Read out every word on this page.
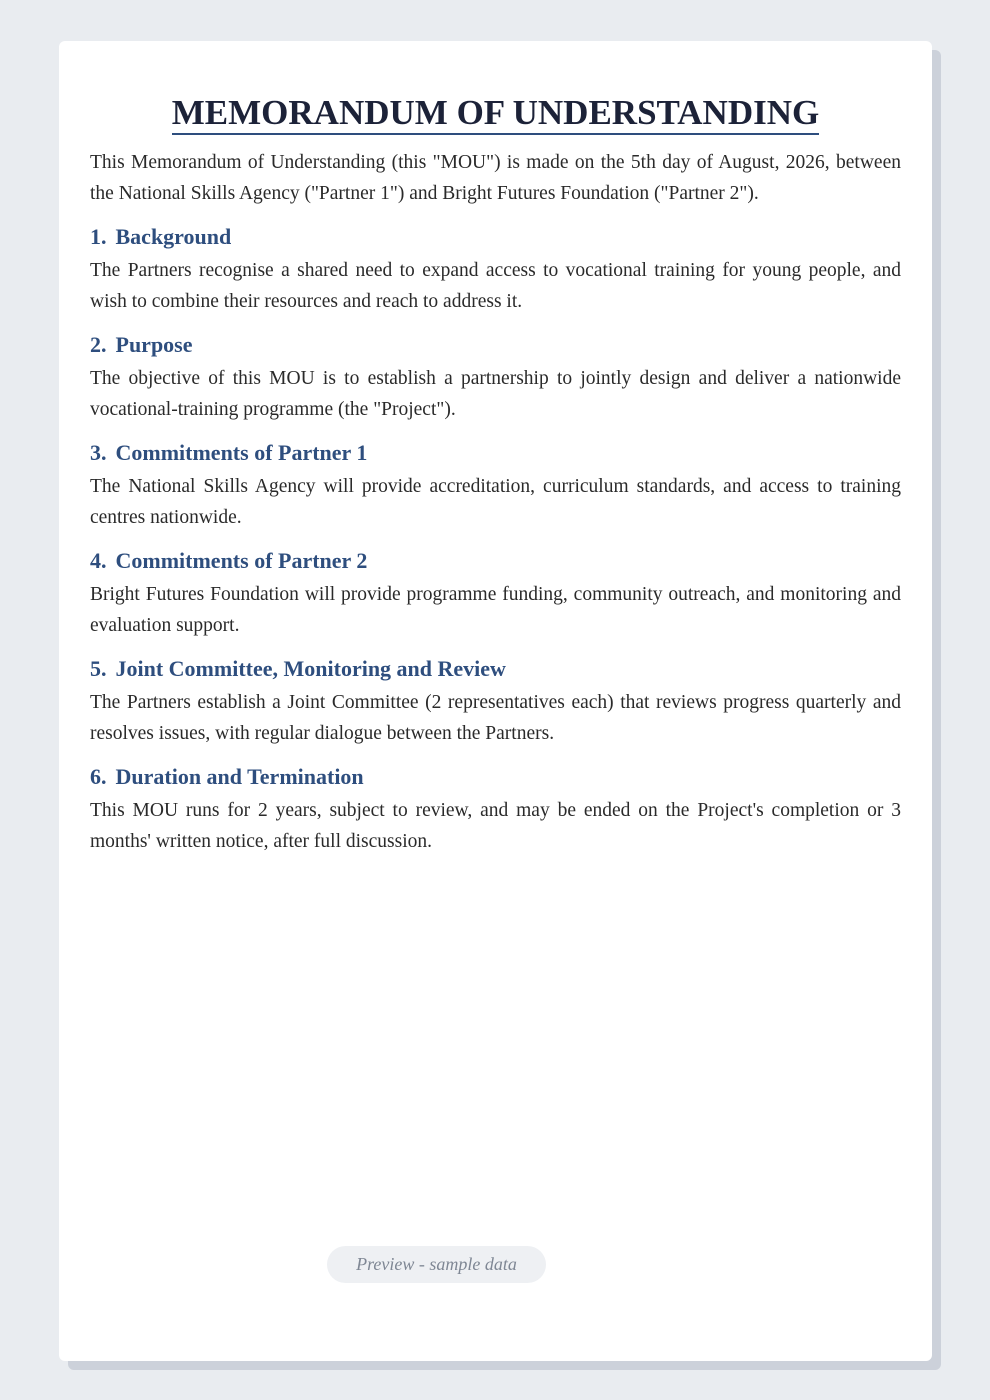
MEMORANDUM OF UNDERSTANDING

This Memorandum of Understanding (this "MOU") is made on the 5th day of August, 2026, between the National Skills Agency ("Partner 1") and Bright Futures Foundation ("Partner 2").

1. Background

The Partners recognise a shared need to expand access to vocational training for young people, and wish to combine their resources and reach to address it.

2. Purpose

The objective of this MOU is to establish a partnership to jointly design and deliver a nationwide vocational-training programme (the "Project").

3. Commitments of Partner 1

The National Skills Agency will provide accreditation, curriculum standards, and access to training centres nationwide.

4. Commitments of Partner 2

Bright Futures Foundation will provide programme funding, community outreach, and monitoring and evaluation support.

5. Joint Committee, Monitoring and Review

The Partners establish a Joint Committee (2 representatives each) that reviews progress quarterly and resolves issues, with regular dialogue between the Partners.

6. Duration and Termination

This MOU runs for 2 years, subject to review, and may be ended on the Project's completion or 3 months' written notice, after full discussion.

Preview - sample data
